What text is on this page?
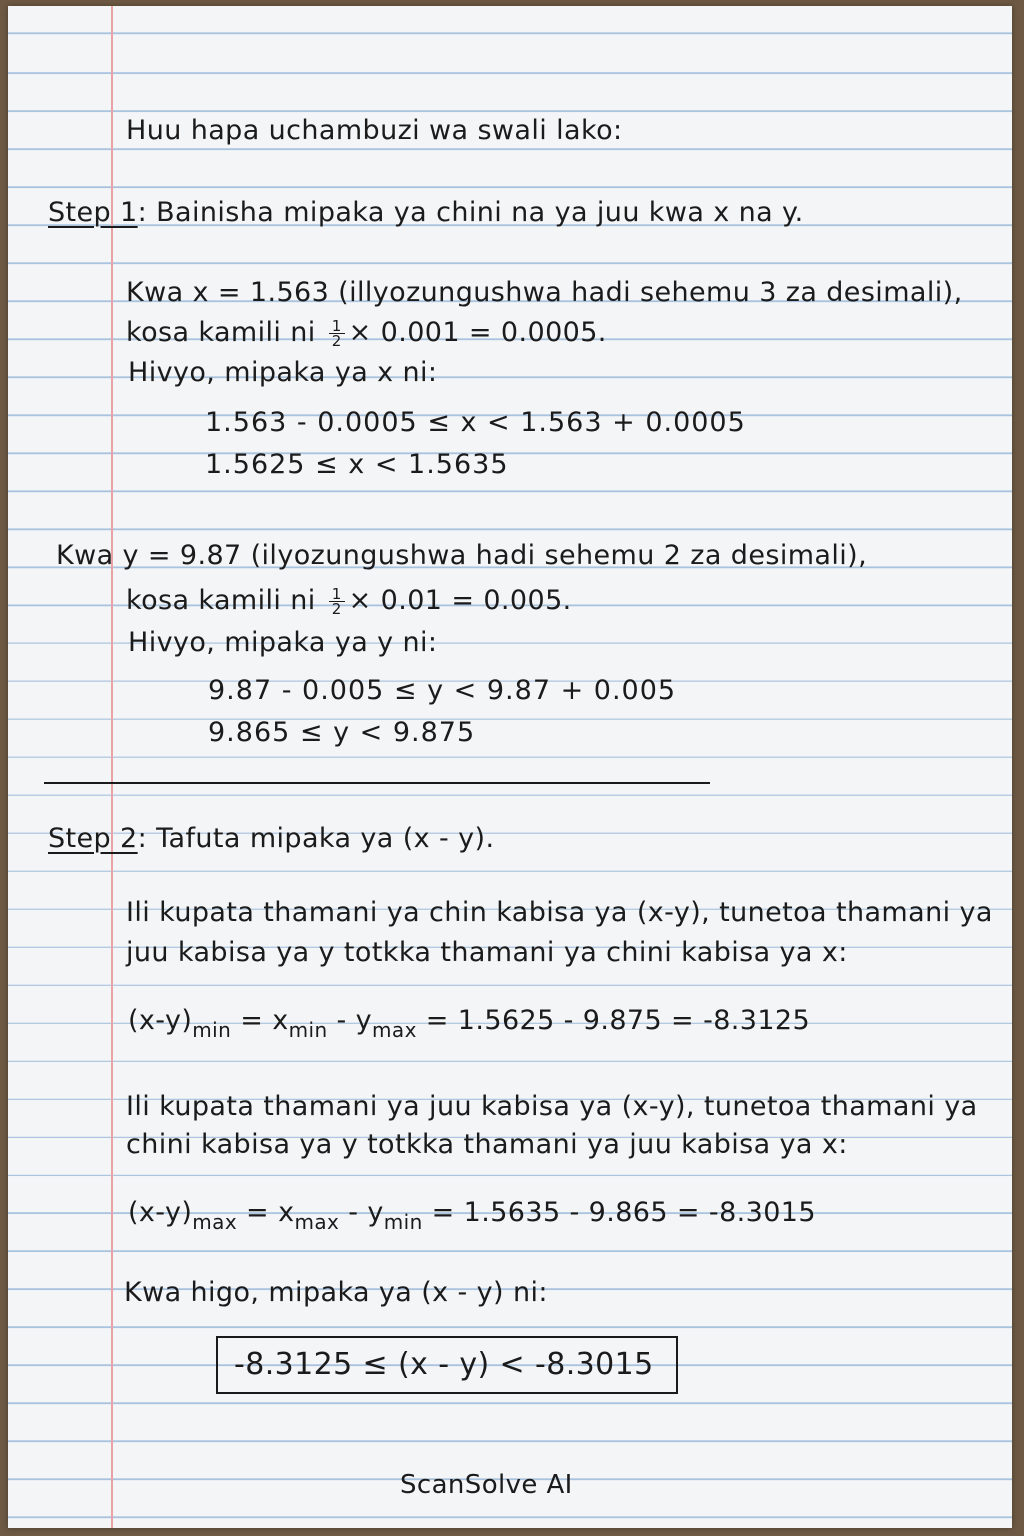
Huu hapa uchambuzi wa swali lako:
Step 1: Bainisha mipaka ya chini na ya juu kwa x na y.
Kwa x = 1.563 (illyozungushwa hadi sehemu 3 za desimali),
kosa kamili ni $\frac{1}{2} \times 0.001 = 0.0005$.
Hivyo, mipaka ya x ni:
1.563 - 0.0005 ≤ x < 1.563 + 0.0005
1.5625 ≤ x < 1.5635
Kwa y = 9.87 (ilyozungushwa hadi sehemu 2 za desimali),
kosa kamili ni $\frac{1}{2} \times 0.01 = 0.005$.
Hivyo, mipaka ya y ni:
9.87 - 0.005 ≤ y < 9.87 + 0.005
9.865 ≤ y < 9.875
Step 2: Tafuta mipaka ya (x - y).
Ili kupata thamani ya chin kabisa ya (x-y), tunetoa thamani ya
juu kabisa ya y totkka thamani ya chini kabisa ya x:
$(x-y)_{min} = x_{min} - y_{max} = 1.5625 - 9.875 = -8.3125$
Ili kupata thamani ya juu kabisa ya (x-y), tunetoa thamani ya
chini kabisa ya y totkka thamani ya juu kabisa ya x:
$(x-y)_{max} = x_{max} - y_{min} = 1.5635 - 9.865 = -8.3015$
Kwa higo, mipaka ya (x - y) ni:
-8.3125 ≤ (x - y) < -8.3015
ScanSolve AI
